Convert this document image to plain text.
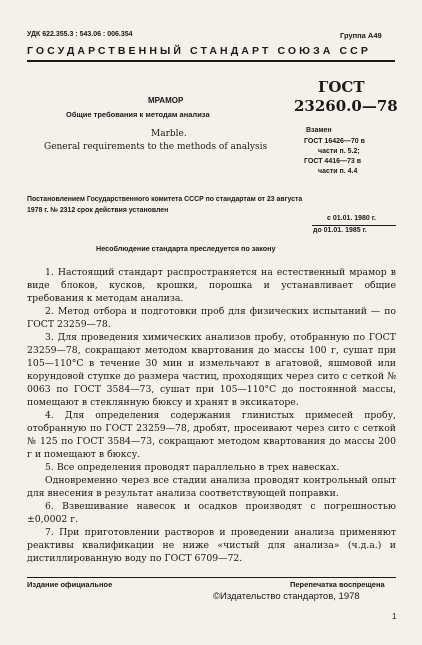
УДК 622.355.3 : 543.06 : 006.354	Группа А49
ГОСУДАРСТВЕННЫЙ СТАНДАРТ СОЮЗА ССР
МРАМОР
Общие требования к методам анализа
Marble.
General requirements to the methods of analysis
ГОСТ
23260.0—78
Взамен
ГОСТ 16426—70 в
части п. 5.2;
ГОСТ 4416—73 в
части п. 4.4
Постановлением Государственного комитета СССР по стандартам от 23 августа
1978 г. № 2312 срок действия установлен
с 01.01. 1980 г.
до 01.01. 1985 г.
Несоблюдение стандарта преследуется по закону

1. Настоящий стандарт распространяется на естественный мрамор в виде блоков, кусков, крошки, порошка и устанавливает общие требования к методам анализа.

2. Метод отбора и подготовки проб для физических испытаний — по ГОСТ 23259—78.

3. Для проведения химических анализов пробу, отобранную по ГОСТ 23259—78, сокращают методом квартования до массы 100 г, сушат при 105—110°С в течение 30 мин и измельчают в агатовой, яшмовой или корундовой ступке до размера частиц, проходящих через сито с сеткой № 0063 по ГОСТ 3584—73, сушат при 105—110°С до постоянной массы, помещают в стеклянную бюксу и хранят в эксикаторе.

4. Для определения содержания глинистых примесей пробу, отобранную по ГОСТ 23259—78, дробят, просеивают через сито с сеткой № 125 по ГОСТ 3584—73, сокращают методом квартования до массы 200 г и помещают в бюксу.

5. Все определения проводят параллельно в трех навесках.

Одновременно через все стадии анализа проводят контрольный опыт для внесения в результат анализа соответствующей поправки.

6. Взвешивание навесок и осадков производят с погрешностью ±0,0002 г.

7. При приготовлении растворов и проведении анализа применяют реактивы квалификации не ниже «чистый для анализа» (ч.д.а.) и дистиллированную воду по ГОСТ 6709—72.

Издание официальное	Перепечатка воспрещена
©Издательство стандартов, 1978
1
